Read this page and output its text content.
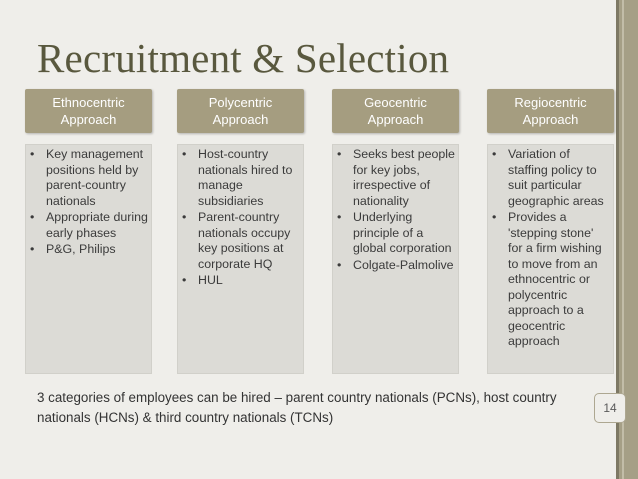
Recruitment & Selection
Ethnocentric
Approach
• Key management positions held by parent-country nationals
• Appropriate during early phases
• P&G, Philips
Polycentric
Approach
• Host-country nationals hired to manage subsidiaries
• Parent-country nationals occupy key positions at corporate HQ
• HUL
Geocentric
Approach
• Seeks best people for key jobs, irrespective of nationality
• Underlying principle of a global corporation
• Colgate-Palmolive
Regiocentric
Approach
• Variation of staffing policy to suit particular geographic areas
• Provides a 'stepping stone' for a firm wishing to move from an ethnocentric or polycentric approach to a geocentric approach

3 categories of employees can be hired – parent country nationals (PCNs), host country nationals (HCNs) & third country nationals (TCNs)

14
